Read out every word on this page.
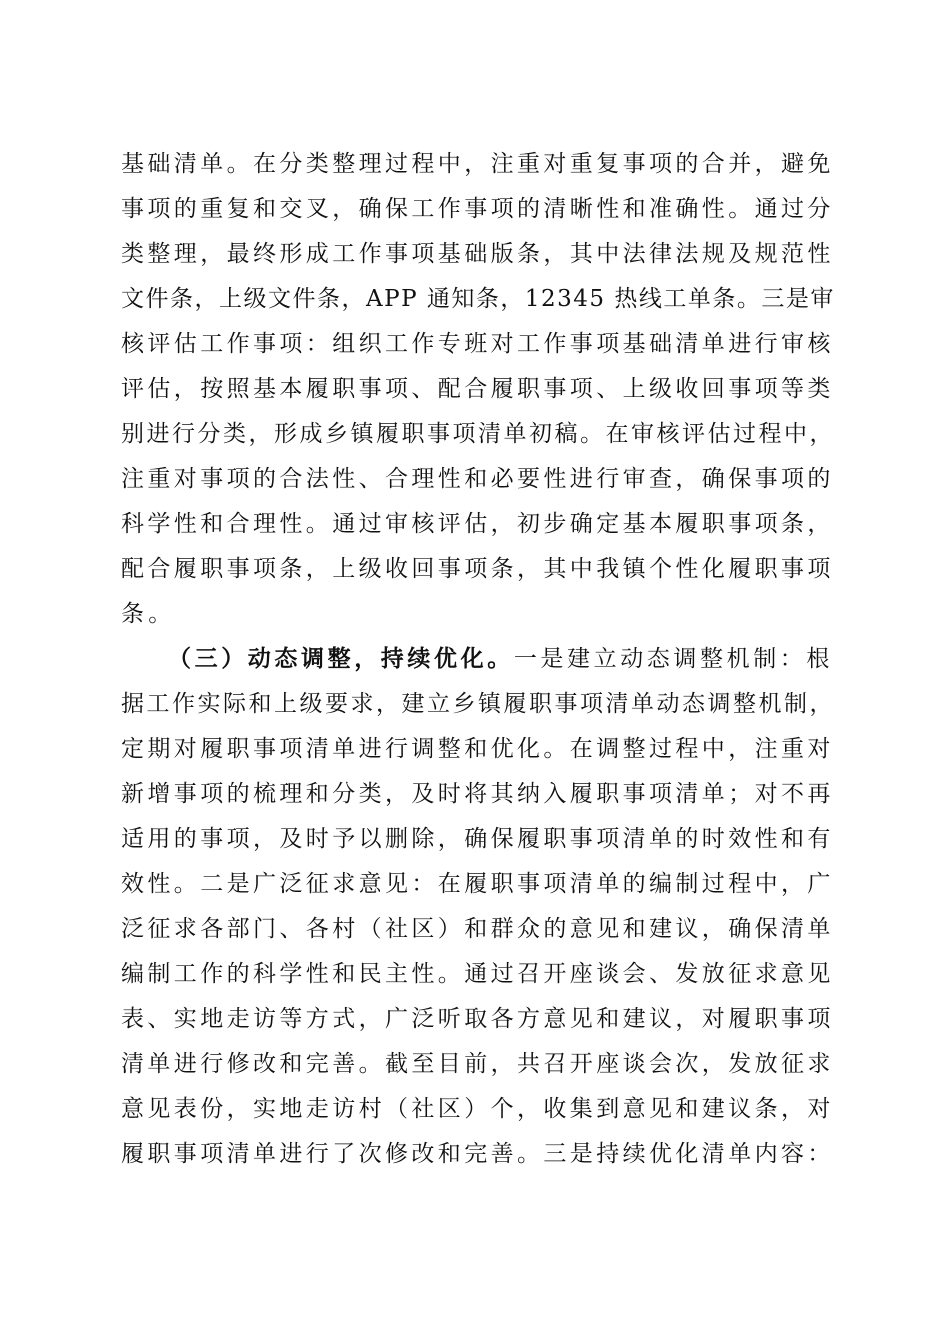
基础清单。在分类整理过程中，注重对重复事项的合并，避免
事项的重复和交叉，确保工作事项的清晰性和准确性。通过分
类整理，最终形成工作事项基础版条，其中法律法规及规范性
文件条，上级文件条，APP 通知条，12345 热线工单条。三是审
核评估工作事项：组织工作专班对工作事项基础清单进行审核
评估，按照基本履职事项、配合履职事项、上级收回事项等类
别进行分类，形成乡镇履职事项清单初稿。在审核评估过程中，
注重对事项的合法性、合理性和必要性进行审查，确保事项的
科学性和合理性。通过审核评估，初步确定基本履职事项条，
配合履职事项条，上级收回事项条，其中我镇个性化履职事项
条。
（三）动态调整，持续优化。一是建立动态调整机制：根
据工作实际和上级要求，建立乡镇履职事项清单动态调整机制，
定期对履职事项清单进行调整和优化。在调整过程中，注重对
新增事项的梳理和分类，及时将其纳入履职事项清单；对不再
适用的事项，及时予以删除，确保履职事项清单的时效性和有
效性。二是广泛征求意见：在履职事项清单的编制过程中，广
泛征求各部门、各村（社区）和群众的意见和建议，确保清单
编制工作的科学性和民主性。通过召开座谈会、发放征求意见
表、实地走访等方式，广泛听取各方意见和建议，对履职事项
清单进行修改和完善。截至目前，共召开座谈会次，发放征求
意见表份，实地走访村（社区）个，收集到意见和建议条，对
履职事项清单进行了次修改和完善。三是持续优化清单内容：
